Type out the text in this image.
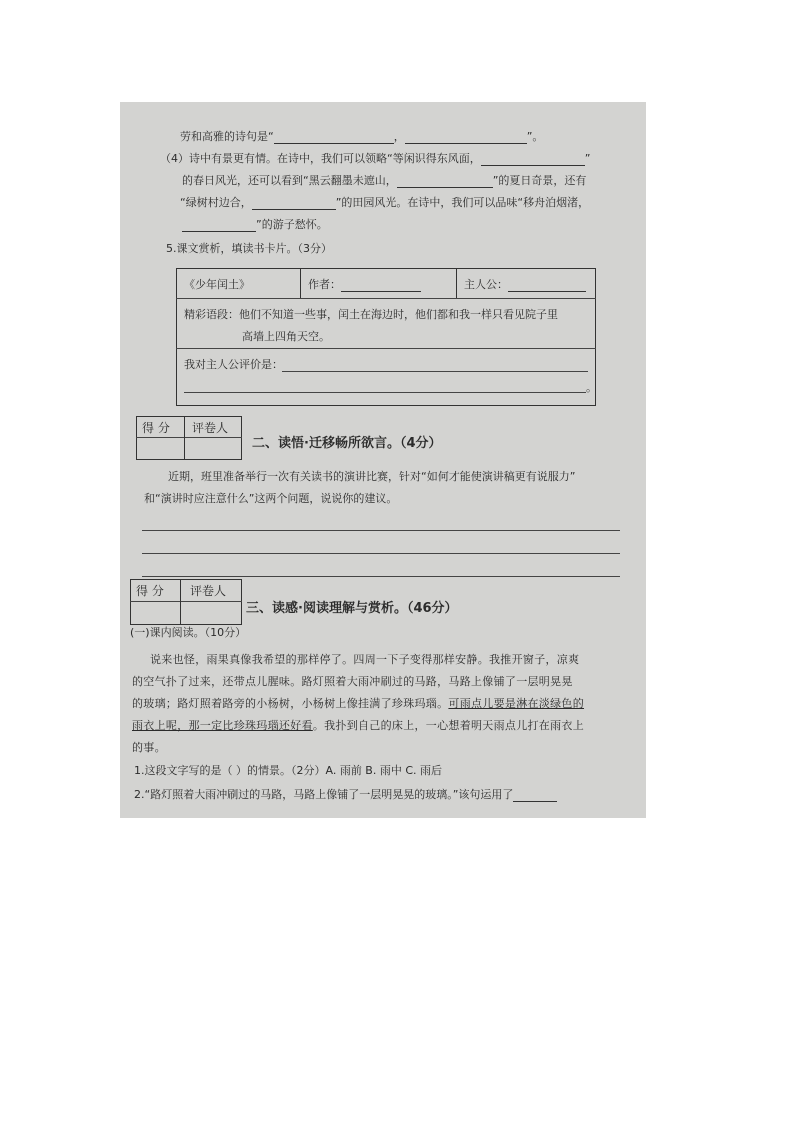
劳和高雅的诗句是“	，	”。
（4）诗中有景更有情。在诗中，我们可以领略“等闲识得东风面，	”
的春日风光，还可以看到“黑云翻墨未遮山，	”的夏日奇景，还有
“绿树村边合，	”的田园风光。在诗中，我们可以品味“移舟泊烟渚，
”的游子愁怀。
5.课文赏析，填读书卡片。（3分）
《少年闰土》	作者：	主人公：
精彩语段：他们不知道一些事，闰土在海边时，他们都和我一样只看见院子里
高墙上四角天空。
我对主人公评价是：
。
得 分 评卷人
二、读悟·迁移畅所欲言。（4分）
近期，班里准备举行一次有关读书的演讲比赛，针对“如何才能使演讲稿更有说服力”
和“演讲时应注意什么”这两个问题，说说你的建议。
得 分 评卷人
三、读感·阅读理解与赏析。（46分）
(一)课内阅读。（10分）
说来也怪，雨果真像我希望的那样停了。四周一下子变得那样安静。我推开窗子，凉爽
的空气扑了过来，还带点儿腥味。路灯照着大雨冲刷过的马路，马路上像铺了一层明晃晃
的玻璃；路灯照着路旁的小杨树，小杨树上像挂满了珍珠玛瑙。可雨点儿要是淋在淡绿色的
雨衣上呢，那一定比珍珠玛瑙还好看。我扑到自己的床上，一心想着明天雨点儿打在雨衣上
的事。
1.这段文字写的是（ ）的情景。（2分）A. 雨前 B. 雨中 C. 雨后
2.“路灯照着大雨冲刷过的马路，马路上像铺了一层明晃晃的玻璃。”该句运用了
